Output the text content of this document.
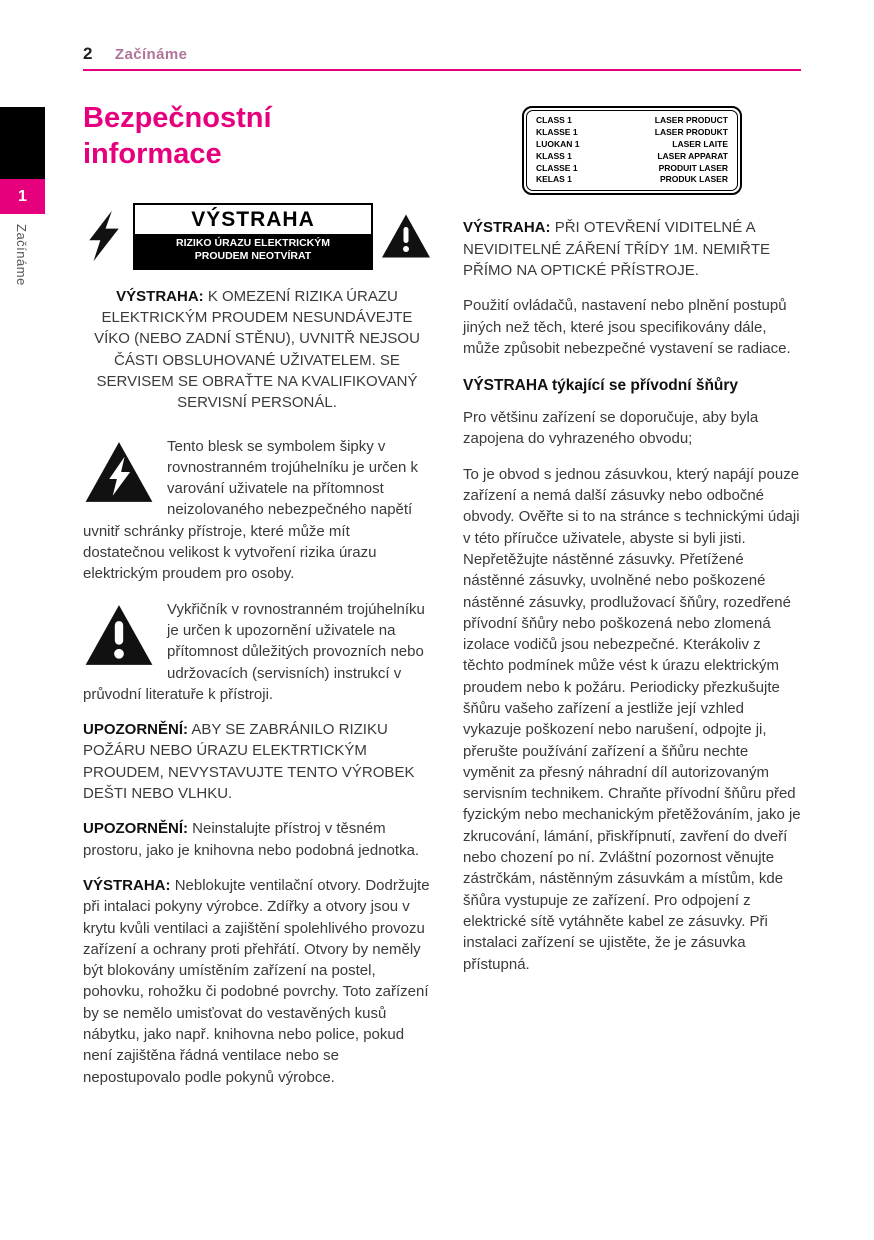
2 Začínáme
1
Začínáme
Bezpečnostní
informace
VÝSTRAHA
RIZIKO ÚRAZU ELEKTRICKÝM
PROUDEM NEOTVÍRAT

VÝSTRAHA: K OMEZENÍ RIZIKA ÚRAZU ELEKTRICKÝM PROUDEM NESUNDÁVEJTE VÍKO (NEBO ZADNÍ STĚNU), UVNITŘ NEJSOU ČÁSTI OBSLUHOVANÉ UŽIVATELEM. SE SERVISEM SE OBRAŤTE NA KVALIFIKOVANÝ SERVISNÍ PERSONÁL.

Tento blesk se symbolem šipky v rovnostranném trojúhelníku je určen k varování uživatele na přítomnost neizolovaného nebezpečného napětí uvnitř schránky přístroje, které může mít dostatečnou velikost k vytvoření rizika úrazu elektrickým proudem pro osoby.
Vykřičník v rovnostranném trojúhelníku je určen k upozornění uživatele na přítomnost důležitých provozních nebo udržovacích (servisních) instrukcí v průvodní literatuře k přístroji.

UPOZORNĚNÍ: ABY SE ZABRÁNILO RIZIKU POŽÁRU NEBO ÚRAZU ELEKTRTICKÝM PROUDEM, NEVYSTAVUJTE TENTO VÝROBEK DEŠTI NEBO VLHKU.

UPOZORNĚNÍ: Neinstalujte přístroj v těsném prostoru, jako je knihovna nebo podobná jednotka.

VÝSTRAHA: Neblokujte ventilační otvory. Dodržujte při intalaci pokyny výrobce. Zdířky a otvory jsou v krytu kvůli ventilaci a zajištění spolehlivého provozu zařízení a ochrany proti přehřátí. Otvory by neměly být blokovány umístěním zařízení na postel, pohovku, rohožku či podobné povrchy. Toto zařízení by se nemělo umisťovat do vestavěných kusů nábytku, jako např. knihovna nebo police, pokud není zajištěna řádná ventilace nebo se nepostupovalo podle pokynů výrobce.

CLASS 1	LASER PRODUCT
KLASSE 1	LASER PRODUKT
LUOKAN 1	LASER LAITE
KLASS 1	LASER APPARAT
CLASSE 1	PRODUIT LASER
KELAS 1	PRODUK LASER

VÝSTRAHA: PŘI OTEVŘENÍ VIDITELNÉ A NEVIDITELNÉ ZÁŘENÍ TŘÍDY 1M. NEMIŘTE PŘÍMO NA OPTICKÉ PŘÍSTROJE.

Použití ovládačů, nastavení nebo plnění postupů jiných než těch, které jsou specifikovány dále, může způsobit nebezpečné vystavení se radiace.

VÝSTRAHA týkající se přívodní šňůry

Pro většinu zařízení se doporučuje, aby byla zapojena do vyhrazeného obvodu;

To je obvod s jednou zásuvkou, který napájí pouze zařízení a nemá další zásuvky nebo odbočné obvody. Ověřte si to na stránce s technickými údaji v této příručce uživatele, abyste si byli jisti. Nepřetěžujte nástěnné zásuvky. Přetížené nástěnné zásuvky, uvolněné nebo poškozené nástěnné zásuvky, prodlužovací šňůry, rozedřené přívodní šňůry nebo poškozená nebo zlomená izolace vodičů jsou nebezpečné. Kterákoliv z těchto podmínek může vést k úrazu elektrickým proudem nebo k požáru. Periodicky přezkušujte šňůru vašeho zařízení a jestliže její vzhled vykazuje poškození nebo narušení, odpojte ji, přerušte používání zařízení a šňůru nechte vyměnit za přesný náhradní díl autorizovaným servisním technikem. Chraňte přívodní šňůru před fyzickým nebo mechanickým přetěžováním, jako je zkrucování, lámání, přiskřípnutí, zavření do dveří nebo chození po ní. Zvláštní pozornost věnujte zástrčkám, nástěnným zásuvkám a místům, kde šňůra vystupuje ze zařízení. Pro odpojení z elektrické sítě vytáhněte kabel ze zásuvky. Při instalaci zařízení se ujistěte, že je zásuvka přístupná.
